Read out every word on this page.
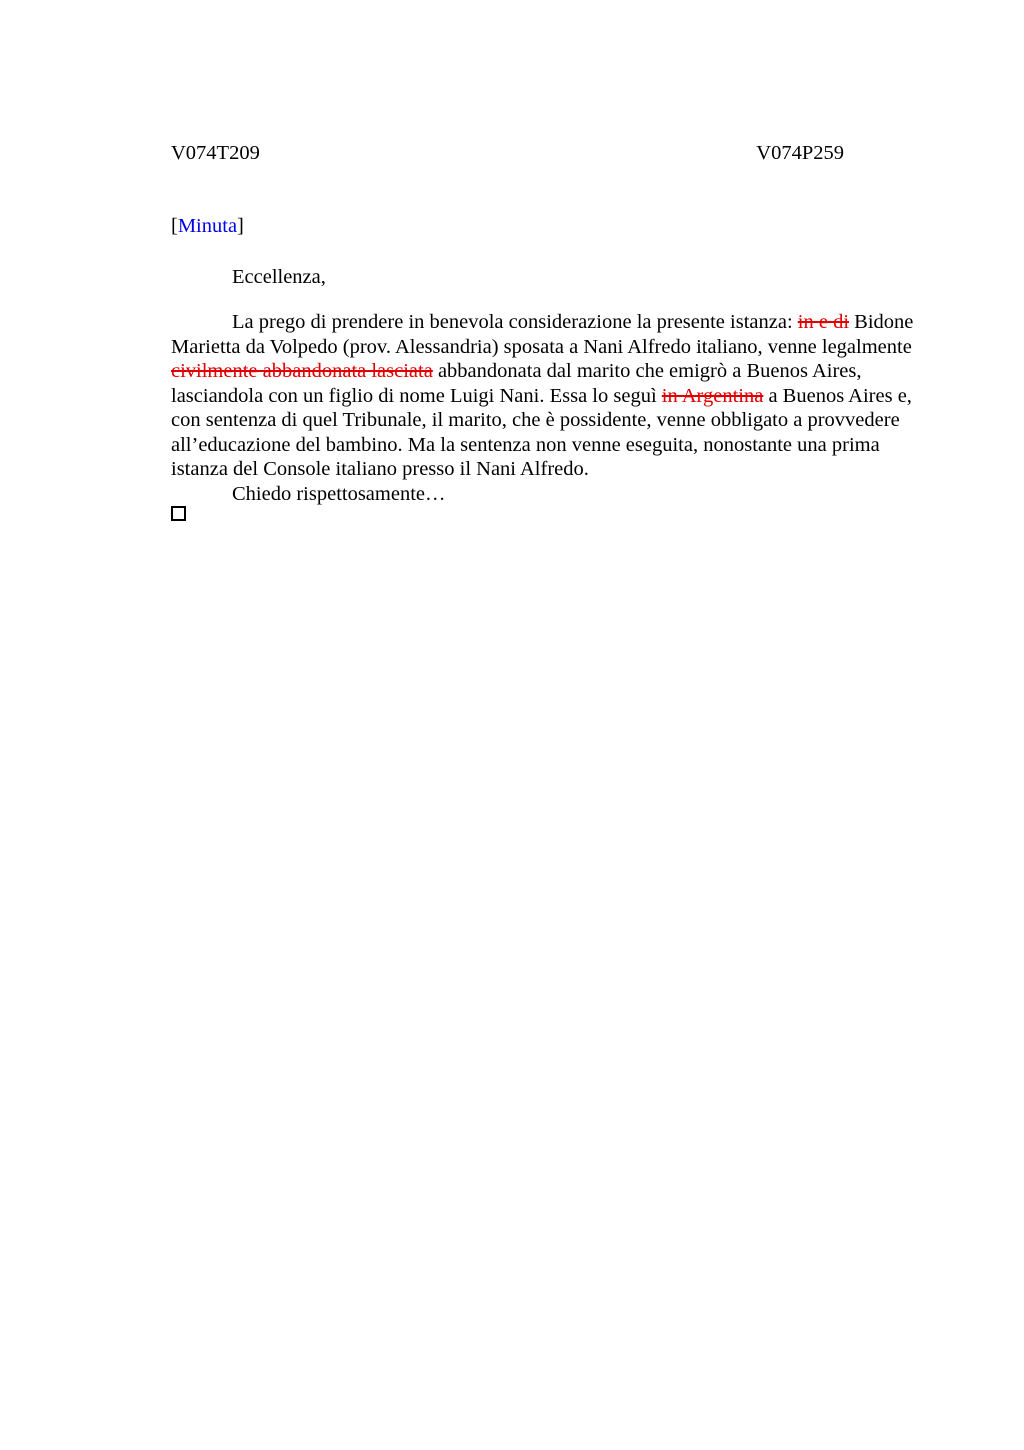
V074T209	V074P259
[Minuta]

Eccellenza,

La prego di prendere in benevola considerazione la presente istanza: in e di Bidone Marietta da Volpedo (prov. Alessandria) sposata a Nani Alfredo italiano, venne legalmente civilmente abbandonata lasciata abbandonata dal marito che emigrò a Buenos Aires, lasciandola con un figlio di nome Luigi Nani. Essa lo seguì in Argentina a Buenos Aires e, con sentenza di quel Tribunale, il marito, che è possidente, venne obbligato a provvedere all’educazione del bambino. Ma la sentenza non venne eseguita, nonostante una prima istanza del Console italiano presso il Nani Alfredo.

Chiedo rispettosamente…
